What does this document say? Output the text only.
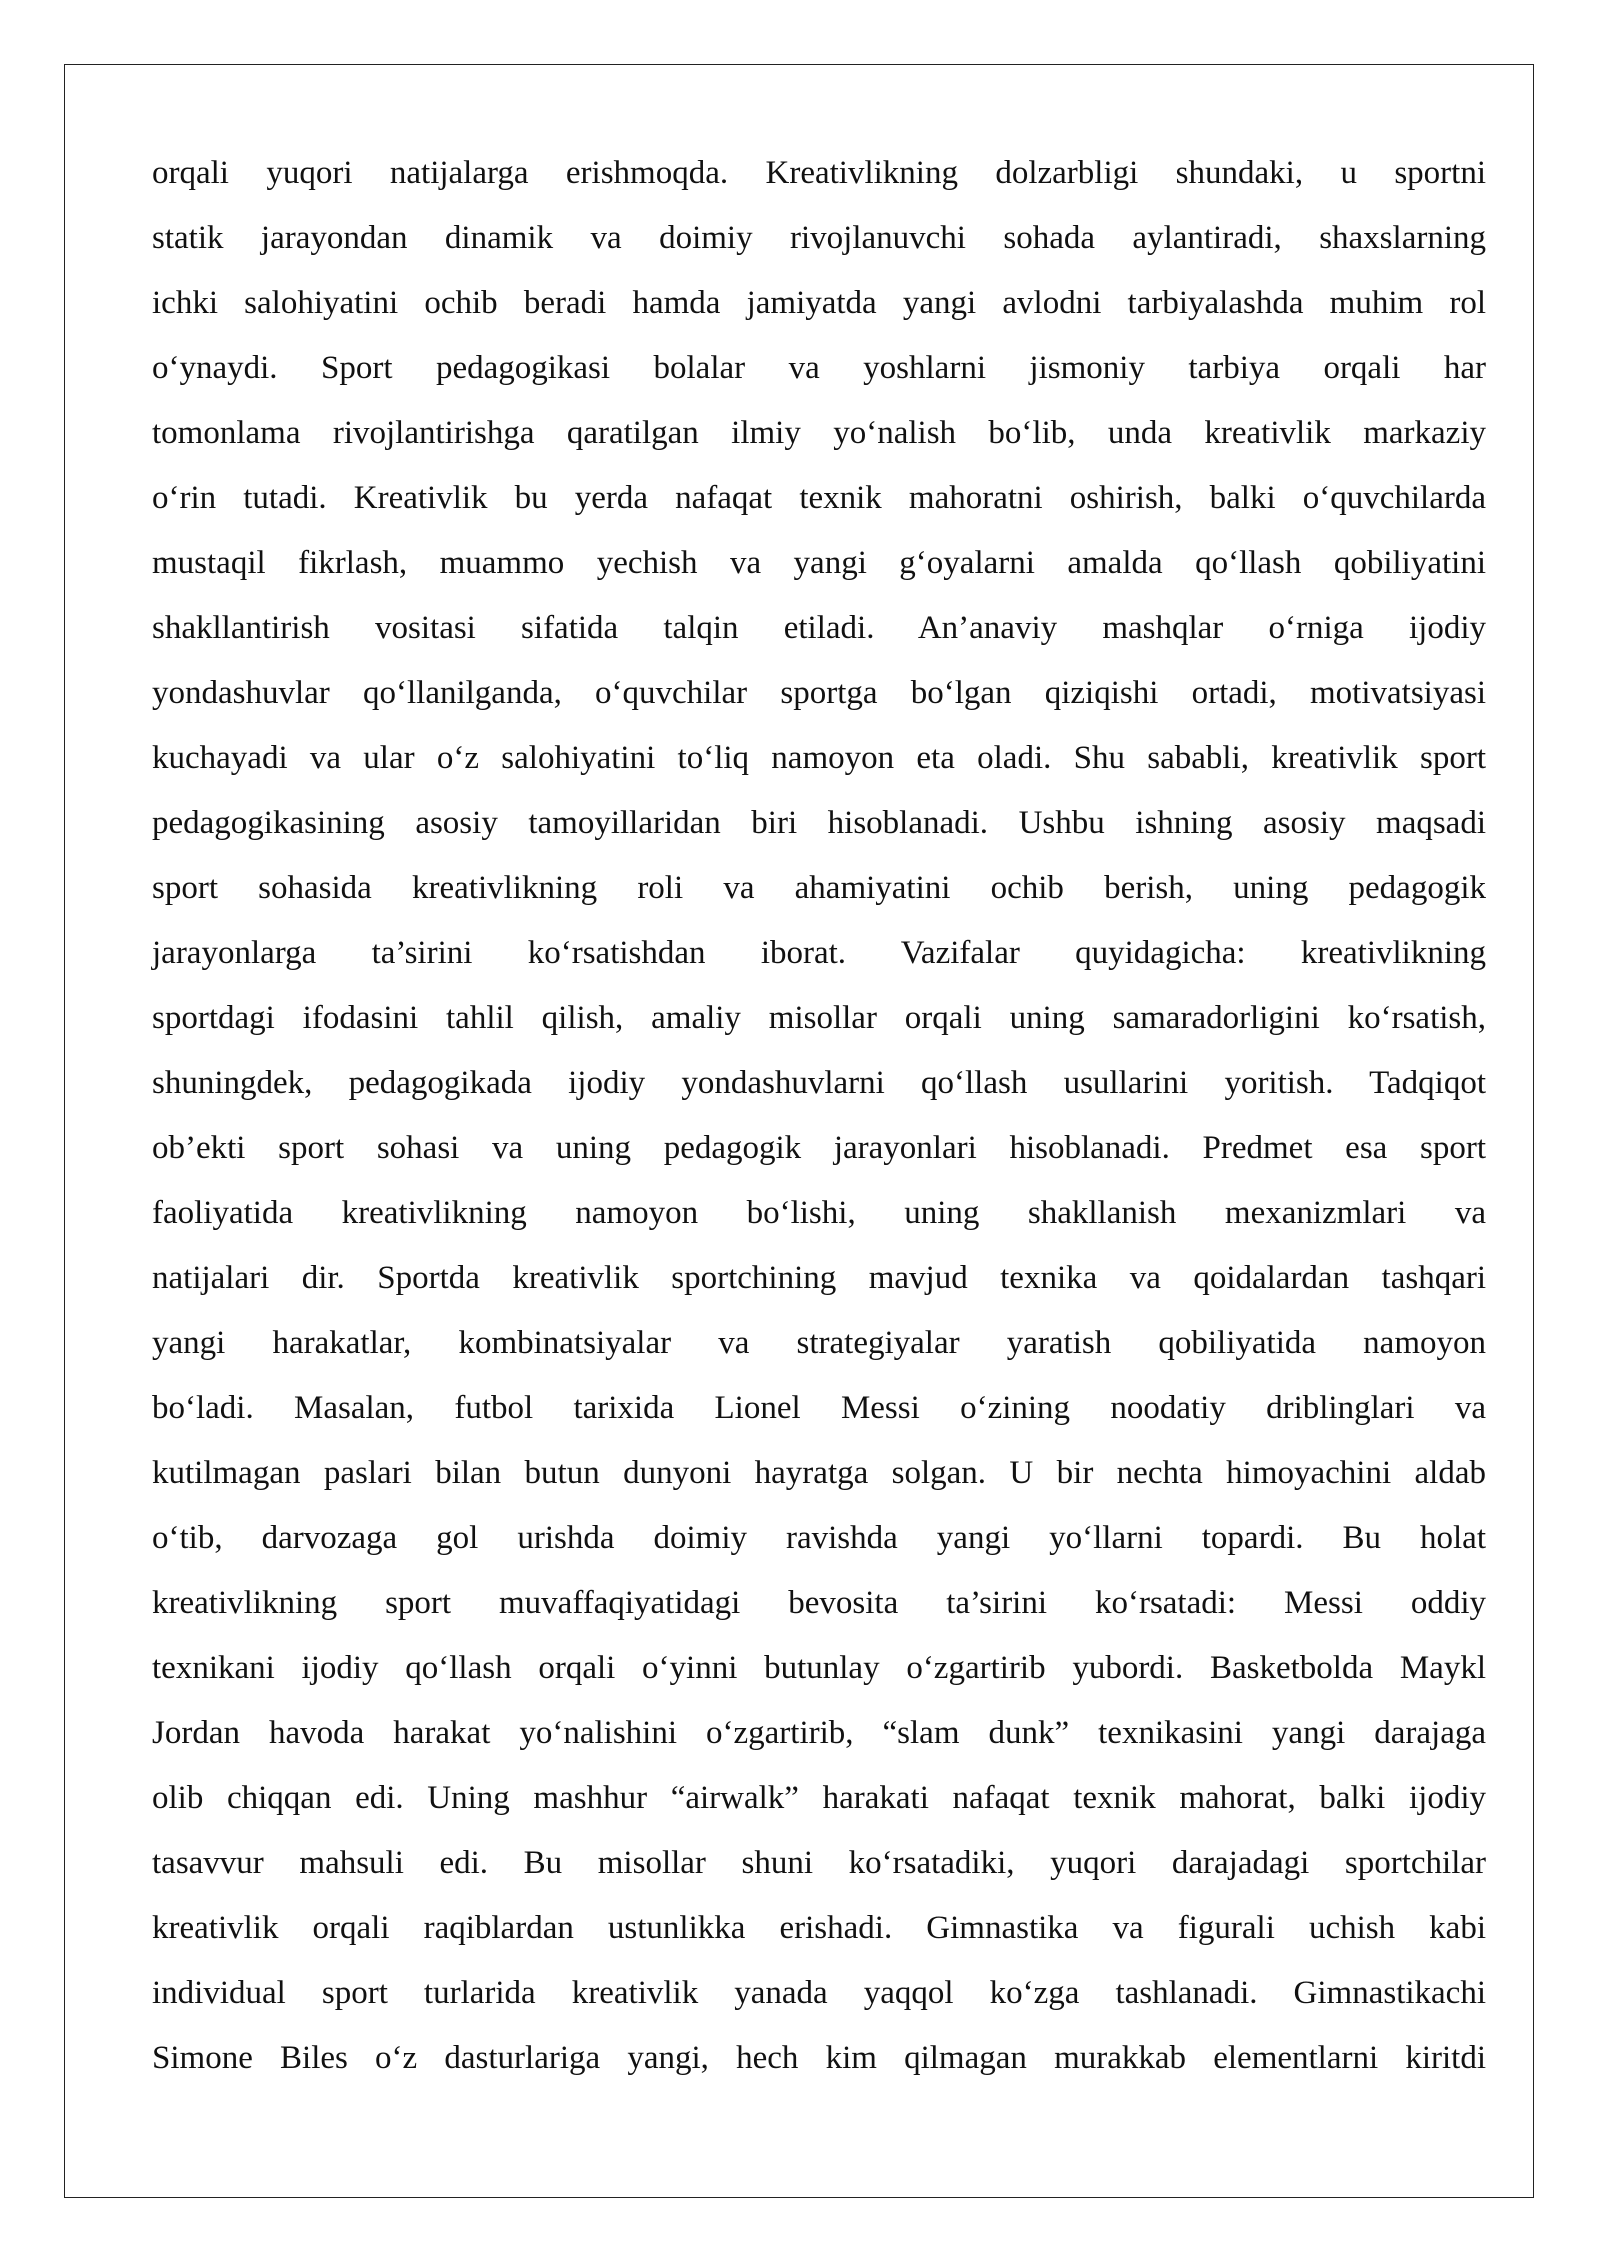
orqali yuqori natijalarga erishmoqda. Kreativlikning dolzarbligi shundaki, u sportni
statik jarayondan dinamik va doimiy rivojlanuvchi sohada aylantiradi, shaxslarning
ichki salohiyatini ochib beradi hamda jamiyatda yangi avlodni tarbiyalashda muhim rol
o‘ynaydi. Sport pedagogikasi bolalar va yoshlarni jismoniy tarbiya orqali har
tomonlama rivojlantirishga qaratilgan ilmiy yo‘nalish bo‘lib, unda kreativlik markaziy
o‘rin tutadi. Kreativlik bu yerda nafaqat texnik mahoratni oshirish, balki o‘quvchilarda
mustaqil fikrlash, muammo yechish va yangi g‘oyalarni amalda qo‘llash qobiliyatini
shakllantirish vositasi sifatida talqin etiladi. An’anaviy mashqlar o‘rniga ijodiy
yondashuvlar qo‘llanilganda, o‘quvchilar sportga bo‘lgan qiziqishi ortadi, motivatsiyasi
kuchayadi va ular o‘z salohiyatini to‘liq namoyon eta oladi. Shu sababli, kreativlik sport
pedagogikasining asosiy tamoyillaridan biri hisoblanadi. Ushbu ishning asosiy maqsadi
sport sohasida kreativlikning roli va ahamiyatini ochib berish, uning pedagogik
jarayonlarga ta’sirini ko‘rsatishdan iborat. Vazifalar quyidagicha: kreativlikning
sportdagi ifodasini tahlil qilish, amaliy misollar orqali uning samaradorligini ko‘rsatish,
shuningdek, pedagogikada ijodiy yondashuvlarni qo‘llash usullarini yoritish. Tadqiqot
ob’ekti sport sohasi va uning pedagogik jarayonlari hisoblanadi. Predmet esa sport
faoliyatida kreativlikning namoyon bo‘lishi, uning shakllanish mexanizmlari va
natijalari dir. Sportda kreativlik sportchining mavjud texnika va qoidalardan tashqari
yangi harakatlar, kombinatsiyalar va strategiyalar yaratish qobiliyatida namoyon
bo‘ladi. Masalan, futbol tarixida Lionel Messi o‘zining noodatiy driblinglari va
kutilmagan paslari bilan butun dunyoni hayratga solgan. U bir nechta himoyachini aldab
o‘tib, darvozaga gol urishda doimiy ravishda yangi yo‘llarni topardi. Bu holat
kreativlikning sport muvaffaqiyatidagi bevosita ta’sirini ko‘rsatadi: Messi oddiy
texnikani ijodiy qo‘llash orqali o‘yinni butunlay o‘zgartirib yubordi. Basketbolda Maykl
Jordan havoda harakat yo‘nalishini o‘zgartirib, “slam dunk” texnikasini yangi darajaga
olib chiqqan edi. Uning mashhur “airwalk” harakati nafaqat texnik mahorat, balki ijodiy
tasavvur mahsuli edi. Bu misollar shuni ko‘rsatadiki, yuqori darajadagi sportchilar
kreativlik orqali raqiblardan ustunlikka erishadi. Gimnastika va figurali uchish kabi
individual sport turlarida kreativlik yanada yaqqol ko‘zga tashlanadi. Gimnastikachi
Simone Biles o‘z dasturlariga yangi, hech kim qilmagan murakkab elementlarni kiritdi
